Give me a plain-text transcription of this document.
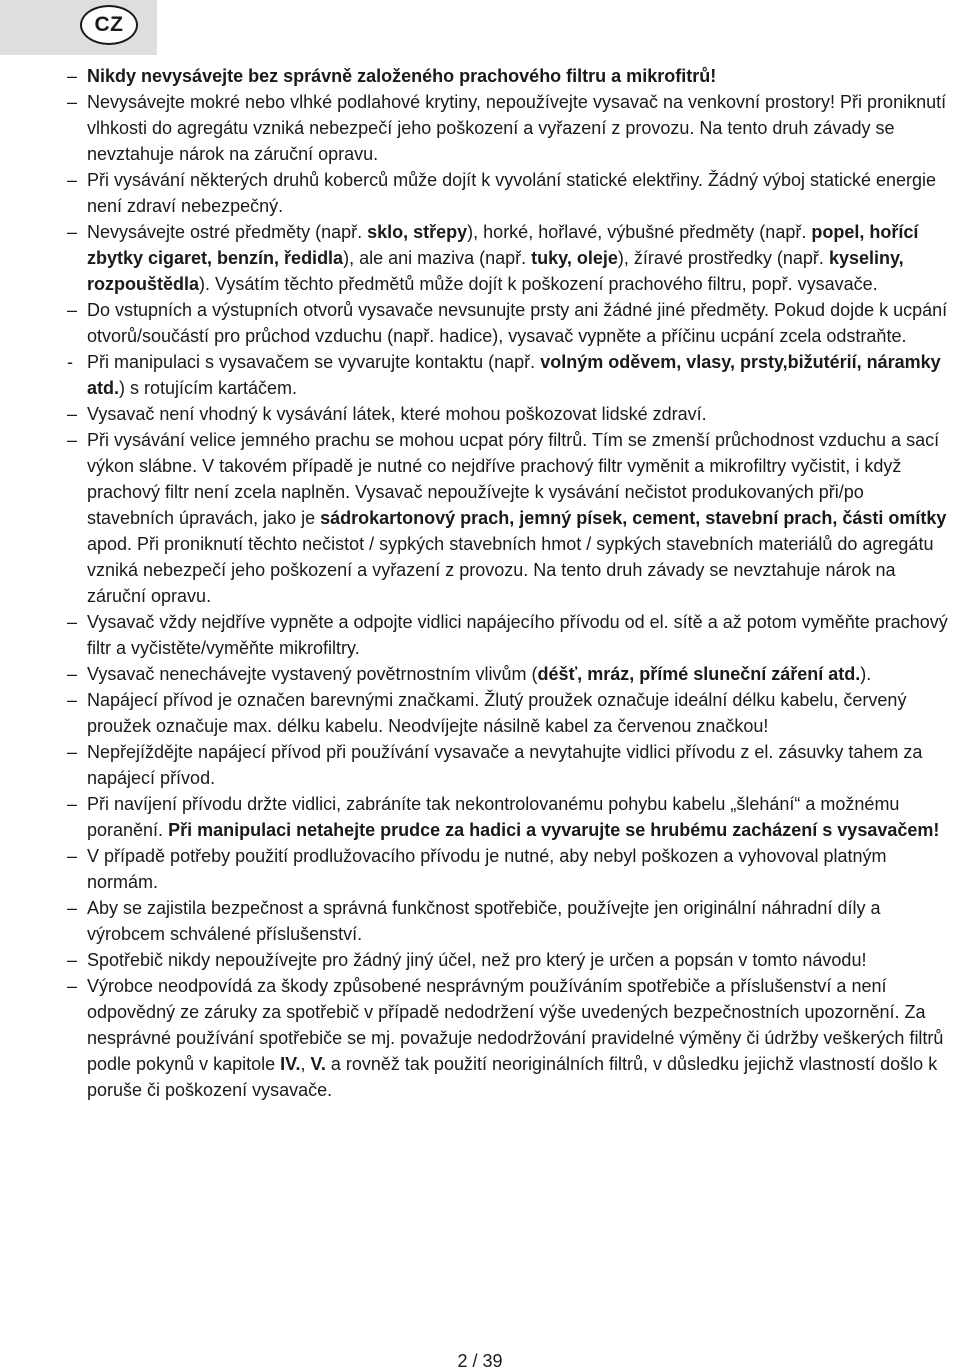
CZ
– Nikdy nevysávejte bez správně založeného prachového filtru a mikrofitrů!
– Nevysávejte mokré nebo vlhké podlahové krytiny, nepoužívejte vysavač na venkovní prostory! Při proniknutí vlhkosti do agregátu vzniká nebezpečí jeho poškození a vyřazení z provozu. Na tento druh závady se nevztahuje nárok na záruční opravu.
– Při vysávání některých druhů koberců může dojít k vyvolání statické elektřiny. Žádný výboj statické energie není zdraví nebezpečný.
– Nevysávejte ostré předměty (např. sklo, střepy), horké, hořlavé, výbušné předměty (např. popel, hořící zbytky cigaret, benzín, ředidla), ale ani maziva (např. tuky, oleje), žíravé prostředky (např. kyseliny, rozpouštědla). Vysátím těchto předmětů může dojít k poškození prachového filtru, popř. vysavače.
– Do vstupních a výstupních otvorů vysavače nevsunujte prsty ani žádné jiné předměty. Pokud dojde k ucpání otvorů/součástí pro průchod vzduchu (např. hadice), vysavač vypněte a příčinu ucpání zcela odstraňte.
- Při manipulaci s vysavačem se vyvarujte kontaktu (např. volným oděvem, vlasy, prsty,bižutérií, náramky atd.) s rotujícím kartáčem.
– Vysavač není vhodný k vysávání látek, které mohou poškozovat lidské zdraví.
– Při vysávání velice jemného prachu se mohou ucpat póry filtrů. Tím se zmenší průchodnost vzduchu a sací výkon slábne. V takovém případě je nutné co nejdříve prachový filtr vyměnit a mikrofiltry vyčistit, i když prachový filtr není zcela naplněn. Vysavač nepoužívejte k vysávání nečistot produkovaných při/po stavebních úpravách, jako je sádrokartonový prach, jemný písek, cement, stavební prach, části omítky apod. Při proniknutí těchto nečistot / sypkých stavebních hmot / sypkých stavebních materiálů do agregátu vzniká nebezpečí jeho poškození a vyřazení z provozu. Na tento druh závady se nevztahuje nárok na záruční opravu.
– Vysavač vždy nejdříve vypněte a odpojte vidlici napájecího přívodu od el. sítě a až potom vyměňte prachový filtr a vyčistěte/vyměňte mikrofiltry.
– Vysavač nenechávejte vystavený povětrnostním vlivům (déšť, mráz, přímé sluneční záření atd.).
– Napájecí přívod je označen barevnými značkami. Žlutý proužek označuje ideální délku kabelu, červený proužek označuje max. délku kabelu. Neodvíjejte násilně kabel za červenou značkou!
– Nepřejíždějte napájecí přívod při používání vysavače a nevytahujte vidlici přívodu z el. zásuvky tahem za napájecí přívod.
– Při navíjení přívodu držte vidlici, zabráníte tak nekontrolovanému pohybu kabelu „šlehání“ a možnému poranění. Při manipulaci netahejte prudce za hadici a vyvarujte se hrubému zacházení s vysavačem!
– V případě potřeby použití prodlužovacího přívodu je nutné, aby nebyl poškozen a vyhovoval platným normám.
– Aby se zajistila bezpečnost a správná funkčnost spotřebiče, používejte jen originální náhradní díly a výrobcem schválené příslušenství.
– Spotřebič nikdy nepoužívejte pro žádný jiný účel, než pro který je určen a popsán v tomto návodu!
– Výrobce neodpovídá za škody způsobené nesprávným používáním spotřebiče a příslušenství a není odpovědný ze záruky za spotřebič v případě nedodržení výše uvedených bezpečnostních upozornění. Za nesprávné používání spotřebiče se mj. považuje nedodržování pravidelné výměny či údržby veškerých filtrů podle pokynů v kapitole IV., V. a rovněž tak použití neoriginálních filtrů, v důsledku jejichž vlastností došlo k poruše či poškození vysavače.
2 / 39
